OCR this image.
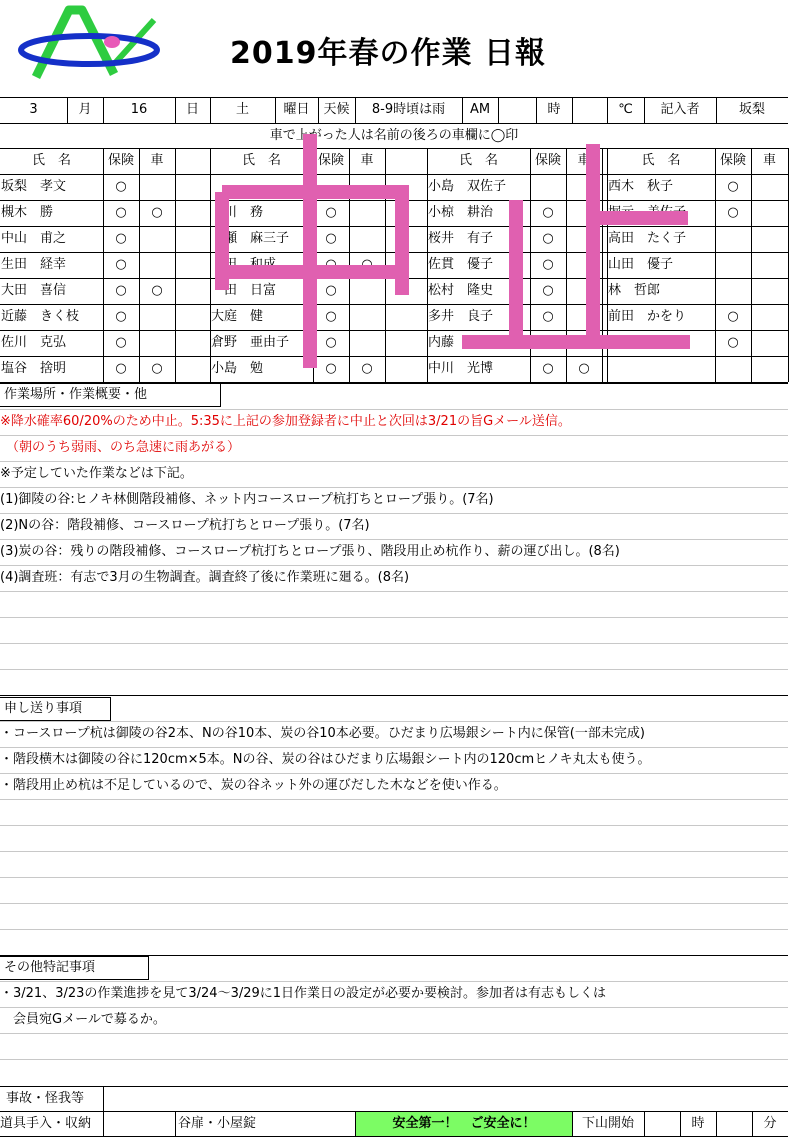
2019年春の作業 日報
3	月	16	日	土	曜日	天候	8-9時頃は雨	AM	時	℃	記入者	坂梨
車で上がった人は名前の後ろの車欄に◯印
氏　名	保険	車
坂梨　孝文	○
槻木　勝	○	○
中山　甫之	○
生田　経幸	○
大田　喜信	○	○
近藤　きく枝	○
佐川　克弘	○
塩谷　捨明	○	○
氏　名	保険	車
　川　務	○
　瀬　麻三子	○
　田　和成	○	○
　田　日富	○
大庭　健	○
倉野　亜由子	○
小島　勉	○	○
氏　名	保険	車
小島　双佐子
小椋　耕治	○
桜井　有子	○
佐貫　優子	○
松村　隆史	○
多井　良子	○
内藤
中川　光博	○	○
氏　名	保険	車
西木　秋子	○
堀元　美佐子	○
高田　たく子
山田　優子
林　哲郎
前田　かをり	○
○
※降水確率60/20%のため中止。5:35に上記の参加登録者に中止と次回は3/21の旨Gメール送信。
（朝のうち弱雨、のち急速に雨あがる）
※予定していた作業などは下記。
(1)御陵の谷:ヒノキ林側階段補修、ネット内コースロープ杭打ちとロープ張り。(7名)
(2)Nの谷：階段補修、コースロープ杭打ちとロープ張り。(7名)
(3)炭の谷：残りの階段補修、コースロープ杭打ちとロープ張り、階段用止め杭作り、薪の運び出し。(8名)
(4)調査班：有志で3月の生物調査。調査終了後に作業班に廻る。(8名)
作業場所・作業概要・他
・コースロープ杭は御陵の谷2本、Nの谷10本、炭の谷10本必要。ひだまり広場銀シート内に保管(一部未完成)
・階段横木は御陵の谷に120cm×5本。Nの谷、炭の谷はひだまり広場銀シート内の120cmヒノキ丸太も使う。
・階段用止め杭は不足しているので、炭の谷ネット外の運びだした木などを使い作る。
申し送り事項
・3/21、3/23の作業進捗を見て3/24〜3/29に1日作業日の設定が必要か要検討。参加者は有志もしくは
　会員宛Gメールで募るか。
その他特記事項
事故・怪我等
道具手入・収納	谷扉・小屋錠	安全第一！　ご安全に！	下山開始	時	分
